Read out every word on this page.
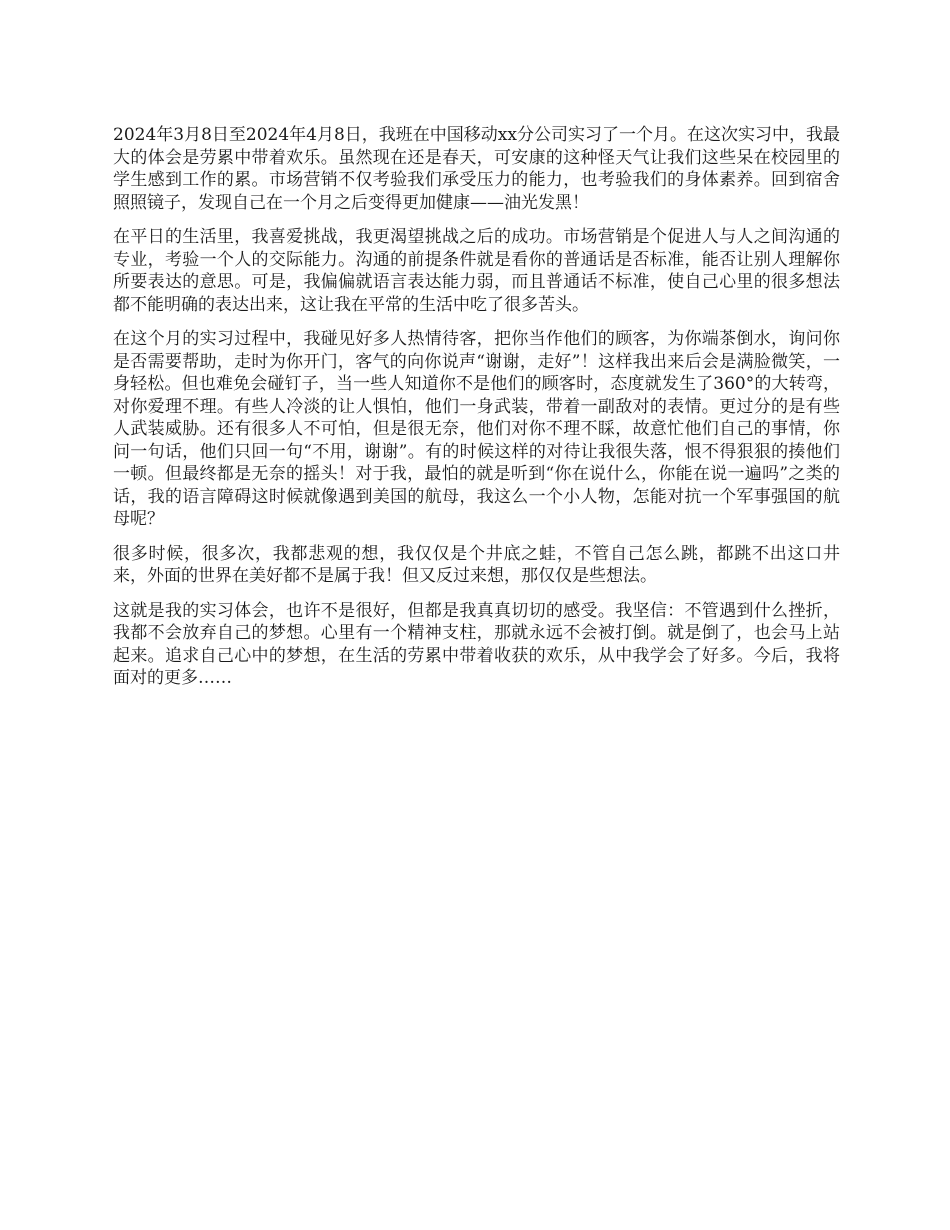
2024年3月8日至2024年4月8日，我班在中国移动xx分公司实习了一个月。在这次实习中，我最大的体会是劳累中带着欢乐。虽然现在还是春天，可安康的这种怪天气让我们这些呆在校园里的学生感到工作的累。市场营销不仅考验我们承受压力的能力，也考验我们的身体素养。回到宿舍照照镜子，发现自己在一个月之后变得更加健康——油光发黑！

在平日的生活里，我喜爱挑战，我更渴望挑战之后的成功。市场营销是个促进人与人之间沟通的专业，考验一个人的交际能力。沟通的前提条件就是看你的普通话是否标准，能否让别人理解你所要表达的意思。可是，我偏偏就语言表达能力弱，而且普通话不标准，使自己心里的很多想法都不能明确的表达出来，这让我在平常的生活中吃了很多苦头。

在这个月的实习过程中，我碰见好多人热情待客，把你当作他们的顾客，为你端茶倒水，询问你是否需要帮助，走时为你开门，客气的向你说声“谢谢，走好”！这样我出来后会是满脸微笑，一身轻松。但也难免会碰钉子，当一些人知道你不是他们的顾客时，态度就发生了360°的大转弯，对你爱理不理。有些人冷淡的让人惧怕，他们一身武装，带着一副敌对的表情。更过分的是有些人武装威胁。还有很多人不可怕，但是很无奈，他们对你不理不睬，故意忙他们自己的事情，你问一句话，他们只回一句“不用，谢谢”。有的时候这样的对待让我很失落，恨不得狠狠的揍他们一顿。但最终都是无奈的摇头！对于我，最怕的就是听到“你在说什么，你能在说一遍吗”之类的话，我的语言障碍这时候就像遇到美国的航母，我这么一个小人物，怎能对抗一个军事强国的航母呢？

很多时候，很多次，我都悲观的想，我仅仅是个井底之蛙，不管自己怎么跳，都跳不出这口井来，外面的世界在美好都不是属于我！但又反过来想，那仅仅是些想法。

这就是我的实习体会，也许不是很好，但都是我真真切切的感受。我坚信：不管遇到什么挫折，我都不会放弃自己的梦想。心里有一个精神支柱，那就永远不会被打倒。就是倒了，也会马上站起来。追求自己心中的梦想，在生活的劳累中带着收获的欢乐，从中我学会了好多。今后，我将面对的更多……
